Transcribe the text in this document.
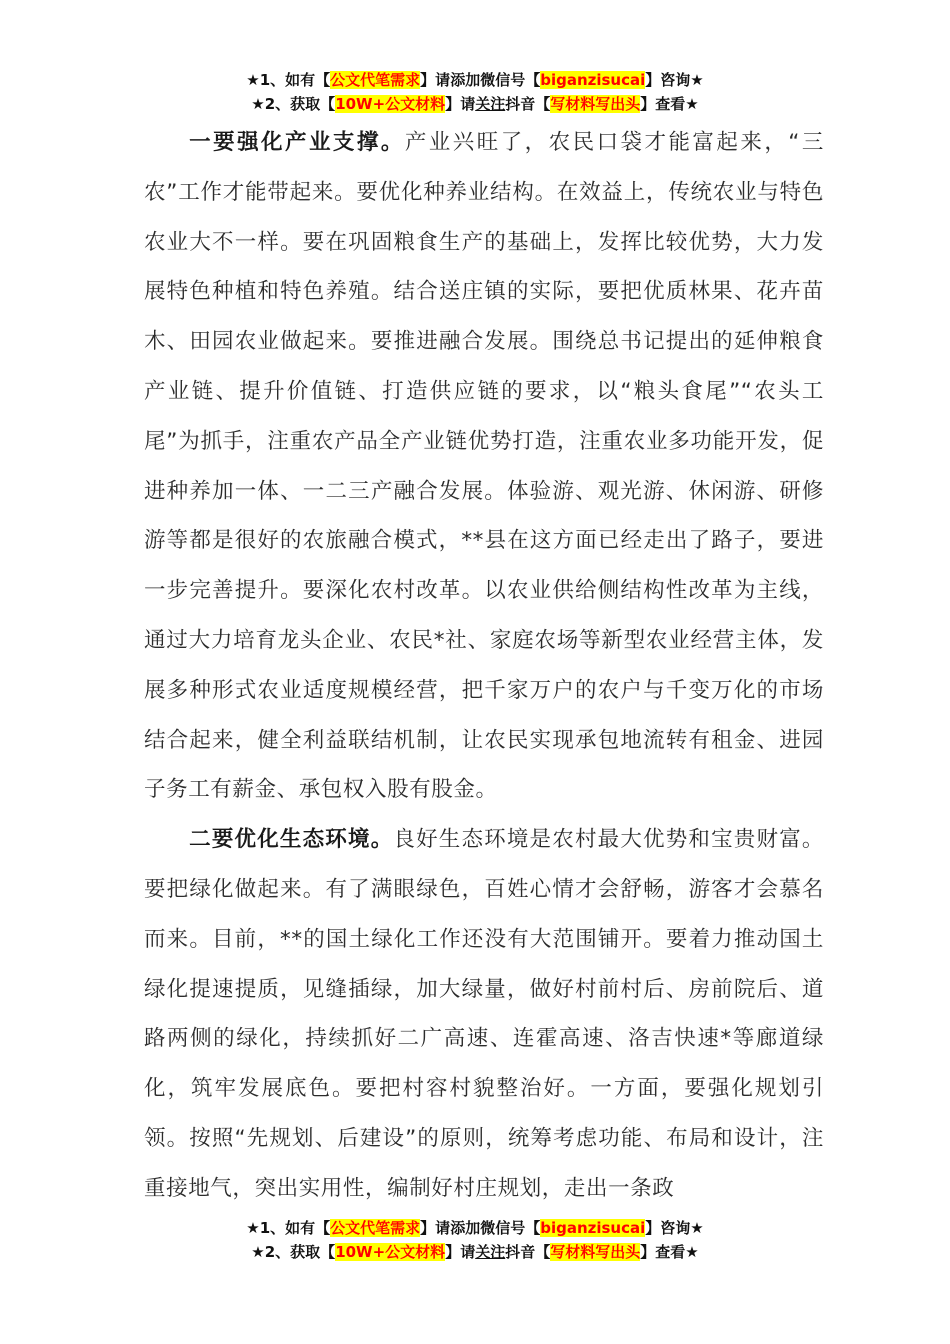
★1、如有【公文代笔需求】请添加微信号【biganzisucai】咨询★
★2、获取【10W+公文材料】请关注抖音【写材料写出头】查看★

一要强化产业支撑。产业兴旺了，农民口袋才能富起来，“三农”工作才能带起来。要优化种养业结构。在效益上，传统农业与特色农业大不一样。要在巩固粮食生产的基础上，发挥比较优势，大力发展特色种植和特色养殖。结合送庄镇的实际，要把优质林果、花卉苗木、田园农业做起来。要推进融合发展。围绕总书记提出的延伸粮食产业链、提升价值链、打造供应链的要求，以“粮头食尾”“农头工尾”为抓手，注重农产品全产业链优势打造，注重农业多功能开发，促进种养加一体、一二三产融合发展。体验游、观光游、休闲游、研修游等都是很好的农旅融合模式，**县在这方面已经走出了路子，要进一步完善提升。要深化农村改革。以农业供给侧结构性改革为主线，通过大力培育龙头企业、农民*社、家庭农场等新型农业经营主体，发展多种形式农业适度规模经营，把千家万户的农户与千变万化的市场结合起来，健全利益联结机制，让农民实现承包地流转有租金、进园子务工有薪金、承包权入股有股金。

二要优化生态环境。良好生态环境是农村最大优势和宝贵财富。要把绿化做起来。有了满眼绿色，百姓心情才会舒畅，游客才会慕名而来。目前，**的国土绿化工作还没有大范围铺开。要着力推动国土绿化提速提质，见缝插绿，加大绿量，做好村前村后、房前院后、道路两侧的绿化，持续抓好二广高速、连霍高速、洛吉快速*等廊道绿化，筑牢发展底色。要把村容村貌整治好。一方面，要强化规划引领。按照“先规划、后建设”的原则，统筹考虑功能、布局和设计，注重接地气，突出实用性，编制好村庄规划，走出一条政

★1、如有【公文代笔需求】请添加微信号【biganzisucai】咨询★
★2、获取【10W+公文材料】请关注抖音【写材料写出头】查看★
